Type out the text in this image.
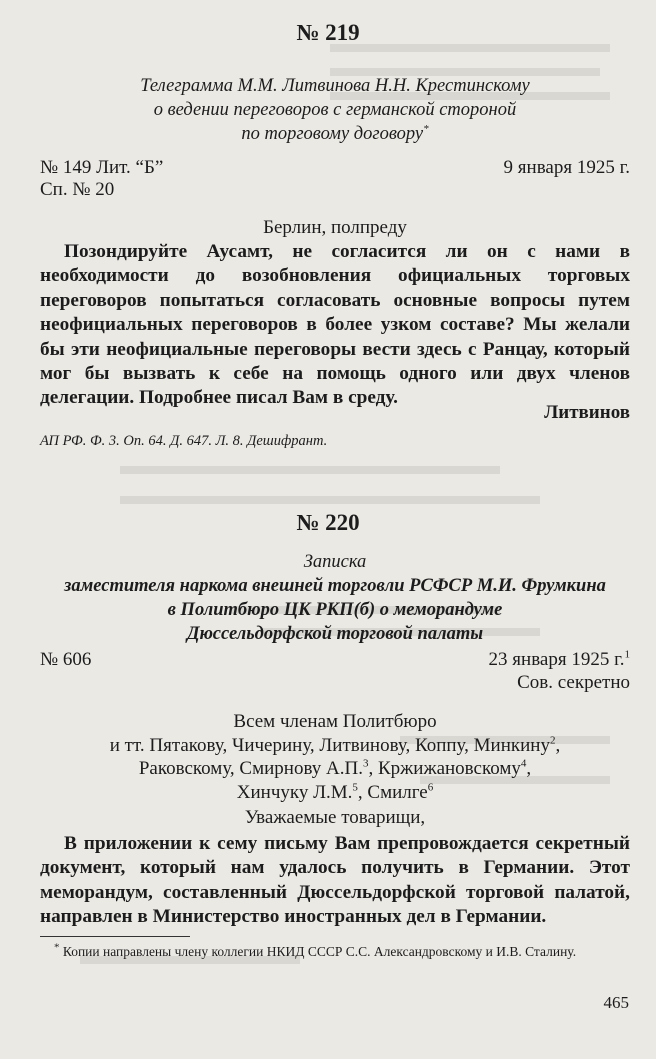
№ 219
Телеграмма М.М. Литвинова Н.Н. Крестинскому
о ведении переговоров с германской стороной
по торговому договору*
№ 149 Лит. “Б”	9 января 1925 г.
Сп. № 20
Берлин, полпреду

Позондируйте Аусамт, не согласится ли он с нами в необходимости до возобновления официальных торговых переговоров попытаться согласовать основные вопросы путем неофициальных переговоров в более узком составе? Мы желали бы эти неофициальные переговоры вести здесь с Ранцау, который мог бы вызвать к себе на помощь одного или двух членов делегации. Подробнее писал Вам в среду.

Литвинов
АП РФ. Ф. 3. Оп. 64. Д. 647. Л. 8. Дешифрант.
№ 220
Записка
заместителя наркома внешней торговли РСФСР М.И. Фрумкина
в Политбюро ЦК РКП(б) о меморандуме
Дюссельдорфской торговой палаты
№ 606	23 января 1925 г.$^1$
Сов. секретно
Всем членам Политбюро
и тт. Пятакову, Чичерину, Литвинову, Коппу, Минкину$^2$,
Раковскому, Смирнову А.П.$^3$, Кржижановскому$^4$,
Хинчуку Л.М.$^5$, Смилге$^6$
Уважаемые товарищи,

В приложении к сему письму Вам препровождается секретный документ, который нам удалось получить в Германии. Этот меморандум, составленный Дюссельдорфской торговой палатой, направлен в Министерство иностранных дел в Германии.

* Копии направлены члену коллегии НКИД СССР С.С. Александровскому и И.В. Сталину.
465
